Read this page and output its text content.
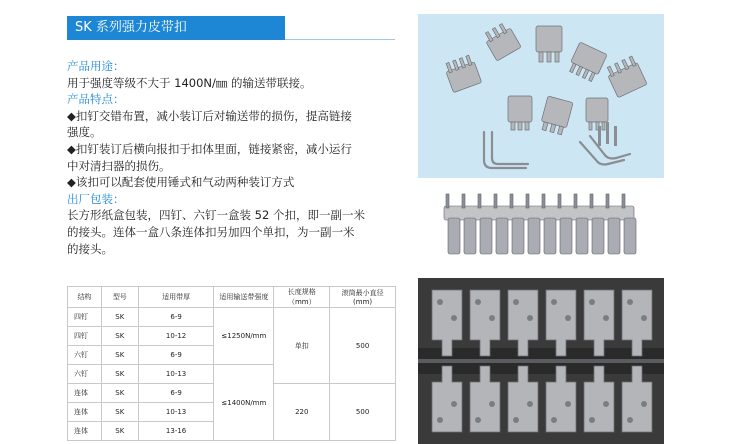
SK 系列强力皮带扣
产品用途：
用于强度等级不大于 1400N/㎜ 的输送带联接。
产品特点：
◆扣钉交错布置，减小装订后对输送带的损伤，提高链接
强度。
◆扣钉装订后横向报扣于扣体里面，链接紧密，减小运行
中对清扫器的损伤。
◆该扣可以配套使用锤式和气动两种装订方式
出厂包装：
长方形纸盒包装，四钉、六钉一盒装 52 个扣，即一副一米
的接头。连体一盒八条连体扣另加四个单扣，为一副一米
的接头。
结构	型号	适用带厚	适用输送带强度	长度规格（mm）	滚筒最小直径(mm)
四钉	SK	6-9	≤1250N/mm	单扣	500
四钉	SK	10-12			
六钉	SK	6-9			
六钉	SK	10-13	≤1400N/mm		
连体	SK	6-9		220	500
连体	SK	10-13			
连体	SK	13-16			
